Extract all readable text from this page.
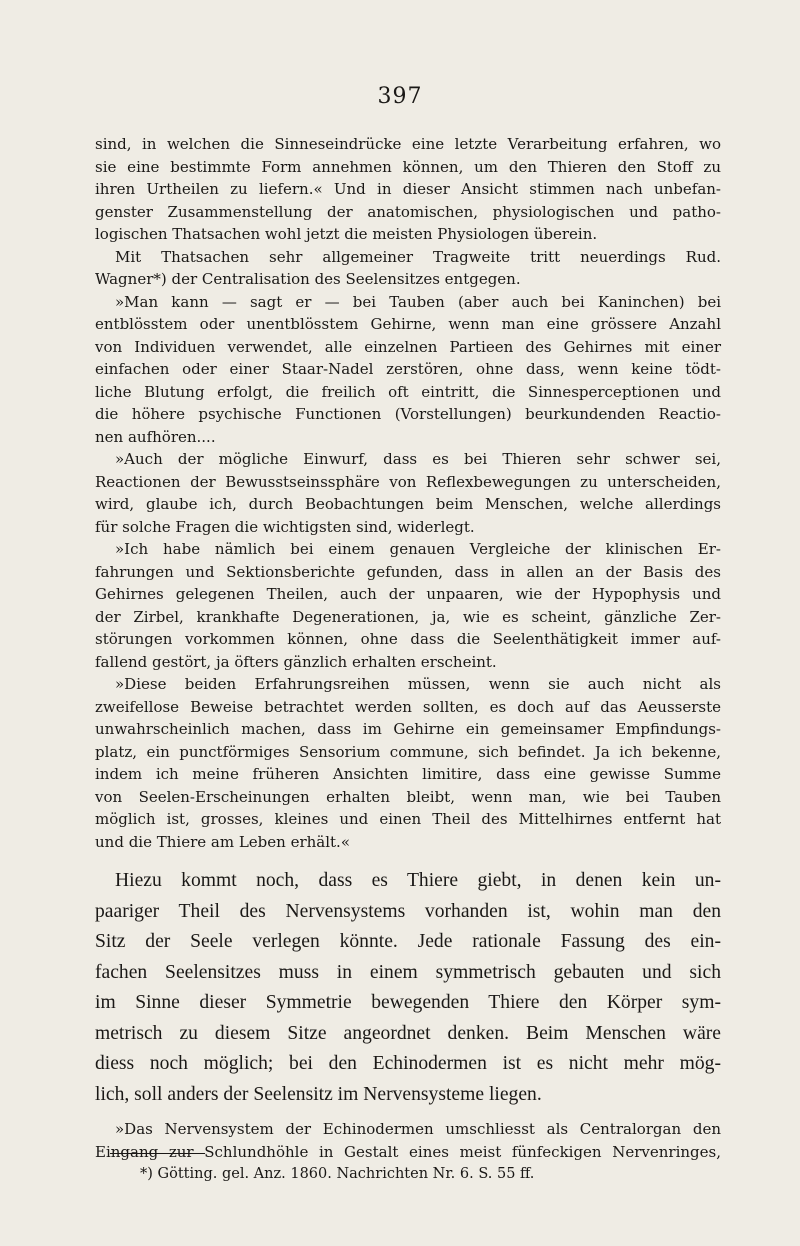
397
sind, in welchen die Sinneseindrücke eine letzte Verarbeitung erfahren, wo
sie eine bestimmte Form annehmen können, um den Thieren den Stoff zu
ihren Urtheilen zu liefern.« Und in dieser Ansicht stimmen nach unbefan-
genster Zusammenstellung der anatomischen, physiologischen und patho-
logischen Thatsachen wohl jetzt die meisten Physiologen überein.
Mit Thatsachen sehr allgemeiner Tragweite tritt neuerdings Rud.
Wagner*) der Centralisation des Seelensitzes entgegen.
»Man kann — sagt er — bei Tauben (aber auch bei Kaninchen) bei
entblösstem oder unentblösstem Gehirne, wenn man eine grössere Anzahl
von Individuen verwendet, alle einzelnen Partieen des Gehirnes mit einer
einfachen oder einer Staar-Nadel zerstören, ohne dass, wenn keine tödt-
liche Blutung erfolgt, die freilich oft eintritt, die Sinnesperceptionen und
die höhere psychische Functionen (Vorstellungen) beurkundenden Reactio-
nen aufhören....
»Auch der mögliche Einwurf, dass es bei Thieren sehr schwer sei,
Reactionen der Bewusstseinssphäre von Reflexbewegungen zu unterscheiden,
wird, glaube ich, durch Beobachtungen beim Menschen, welche allerdings
für solche Fragen die wichtigsten sind, widerlegt.
»Ich habe nämlich bei einem genauen Vergleiche der klinischen Er-
fahrungen und Sektionsberichte gefunden, dass in allen an der Basis des
Gehirnes gelegenen Theilen, auch der unpaaren, wie der Hypophysis und
der Zirbel, krankhafte Degenerationen, ja, wie es scheint, gänzliche Zer-
störungen vorkommen können, ohne dass die Seelenthätigkeit immer auf-
fallend gestört, ja öfters gänzlich erhalten erscheint.
»Diese beiden Erfahrungsreihen müssen, wenn sie auch nicht als
zweifellose Beweise betrachtet werden sollten, es doch auf das Aeusserste
unwahrscheinlich machen, dass im Gehirne ein gemeinsamer Empfindungs-
platz, ein punctförmiges Sensorium commune, sich befindet. Ja ich bekenne,
indem ich meine früheren Ansichten limitire, dass eine gewisse Summe
von Seelen-Erscheinungen erhalten bleibt, wenn man, wie bei Tauben
möglich ist, grosses, kleines und einen Theil des Mittelhirnes entfernt hat
und die Thiere am Leben erhält.«
Hiezu kommt noch, dass es Thiere giebt, in denen kein un-
paariger Theil des Nervensystems vorhanden ist, wohin man den
Sitz der Seele verlegen könnte. Jede rationale Fassung des ein-
fachen Seelensitzes muss in einem symmetrisch gebauten und sich
im Sinne dieser Symmetrie bewegenden Thiere den Körper sym-
metrisch zu diesem Sitze angeordnet denken. Beim Menschen wäre
diess noch möglich; bei den Echinodermen ist es nicht mehr mög-
lich, soll anders der Seelensitz im Nervensysteme liegen.
»Das Nervensystem der Echinodermen umschliesst als Centralorgan den
Eingang zur Schlundhöhle in Gestalt eines meist fünfeckigen Nervenringes,
*) Götting. gel. Anz. 1860. Nachrichten Nr. 6. S. 55 ff.
